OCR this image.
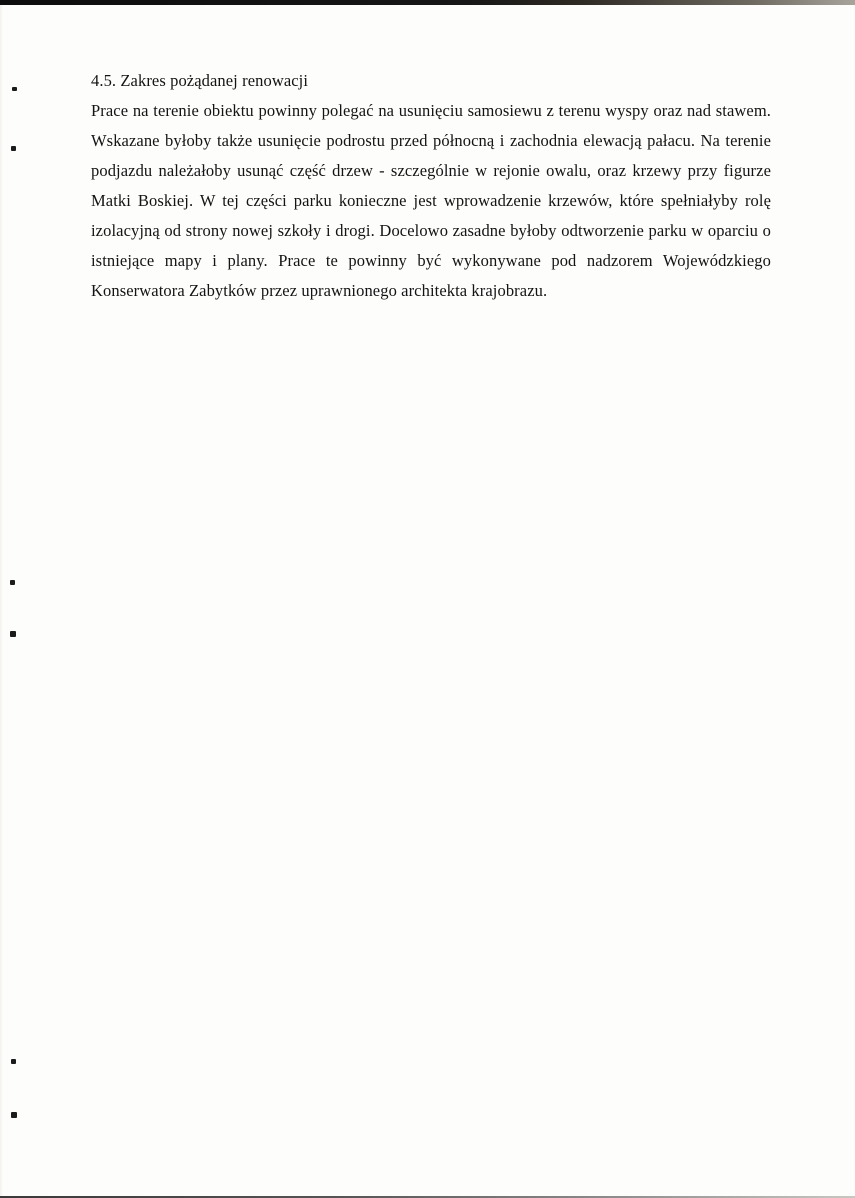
4.5. Zakres pożądanej renowacji

Prace na terenie obiektu powinny polegać na usunięciu samosiewu z terenu wyspy oraz nad stawem. Wskazane byłoby także usunięcie podrostu przed północną i zachodnia elewacją pałacu. Na terenie podjazdu należałoby usunąć część drzew - szczególnie w rejonie owalu, oraz krzewy przy figurze Matki Boskiej. W tej części parku konieczne jest wprowadzenie krzewów, które spełniałyby rolę izolacyjną od strony nowej szkoły i drogi. Docelowo zasadne byłoby odtworzenie parku w oparciu o istniejące mapy i plany. Prace te powinny być wykonywane pod nadzorem Wojewódzkiego Konserwatora Zabytków przez uprawnionego architekta krajobrazu.
